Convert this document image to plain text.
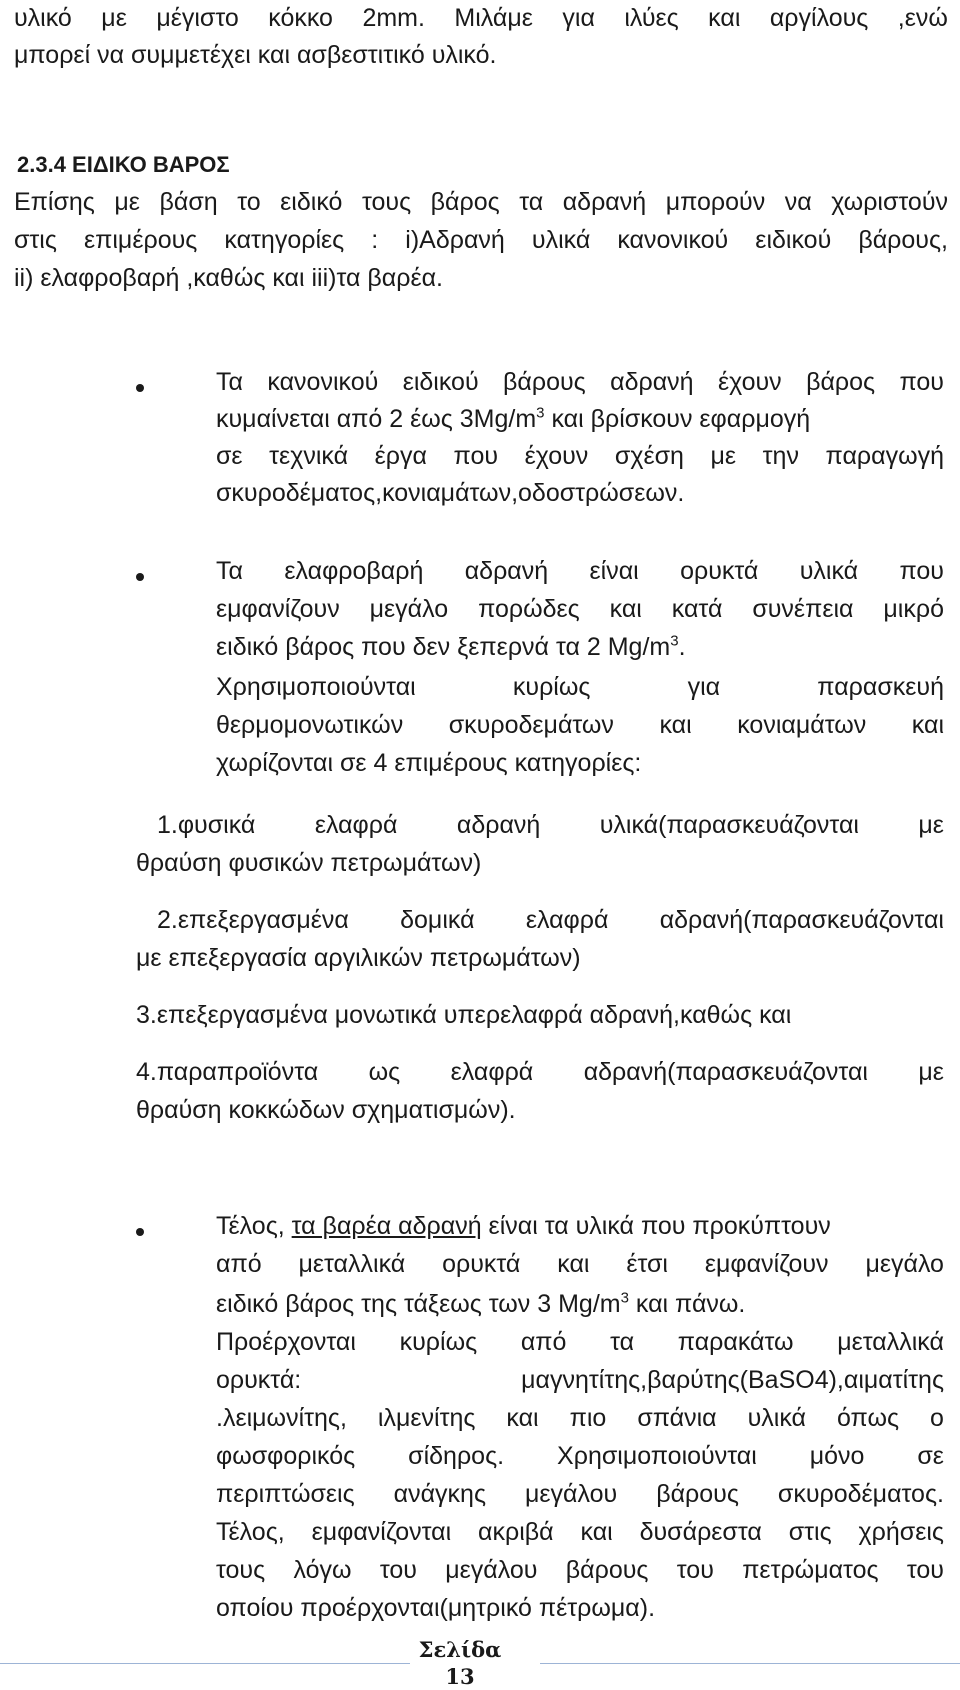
υλικό με μέγιστο κόκκο 2mm. Μιλάμε για ιλύες και αργίλους ,ενώ
μπορεί να συμμετέχει και ασβεστιτικό υλικό.
2.3.4 ΕΙΔΙΚΟ ΒΑΡΟΣ
Επίσης με βάση το ειδικό τους βάρος τα αδρανή μπορούν να χωριστούν
στις επιμέρους κατηγορίες : i)Αδρανή υλικά κανονικού ειδικού βάρους,
ii) ελαφροβαρή ,καθώς και iii)τα βαρέα.
Τα κανονικού ειδικού βάρους αδρανή έχουν βάρος που
κυμαίνεται από 2 έως $3Mg/m^3$ και βρίσκουν εφαρμογή
σε τεχνικά έργα που έχουν σχέση με την παραγωγή
σκυροδέματος,κονιαμάτων,οδοστρώσεων.
Τα ελαφροβαρή αδρανή είναι ορυκτά υλικά που
εμφανίζουν μεγάλο πορώδες και κατά συνέπεια μικρό
ειδικό βάρος που δεν ξεπερνά τα 2 $Mg/m^3$.
Χρησιμοποιούνται	κυρίως	για	παρασκευή
θερμομονωτικών σκυροδεμάτων και κονιαμάτων και
χωρίζονται σε 4 επιμέρους κατηγορίες:
1.φυσικά ελαφρά αδρανή υλικά(παρασκευάζονται με
θραύση φυσικών πετρωμάτων)
2.επεξεργασμένα δομικά ελαφρά αδρανή(παρασκευάζονται
με επεξεργασία αργιλικών πετρωμάτων)
3.επεξεργασμένα μονωτικά υπερελαφρά αδρανή,καθώς και
4.παραπροϊόντα ως ελαφρά αδρανή(παρασκευάζονται με
θραύση κοκκώδων σχηματισμών).
Τέλος, τα βαρέα αδρανή είναι τα υλικά που προκύπτουν
από μεταλλικά ορυκτά και έτσι εμφανίζουν μεγάλο
ειδικό βάρος της τάξεως των 3 $Mg/m^3$ και πάνω.
Προέρχονται κυρίως από τα παρακάτω μεταλλικά
ορυκτά:	μαγνητίτης,βαρύτης(BaSO4),αιματίτης
.λειμωνίτης, ιλμενίτης και πιο σπάνια υλικά όπως ο
φωσφορικός σίδηρος. Χρησιμοποιούνται μόνο σε
περιπτώσεις ανάγκης μεγάλου βάρους σκυροδέματος.
Τέλος, εμφανίζονται ακριβά και δυσάρεστα στις χρήσεις
τους λόγω του μεγάλου βάρους του πετρώματος του
οποίου προέρχονται(μητρικό πέτρωμα).
Σελίδα
13
